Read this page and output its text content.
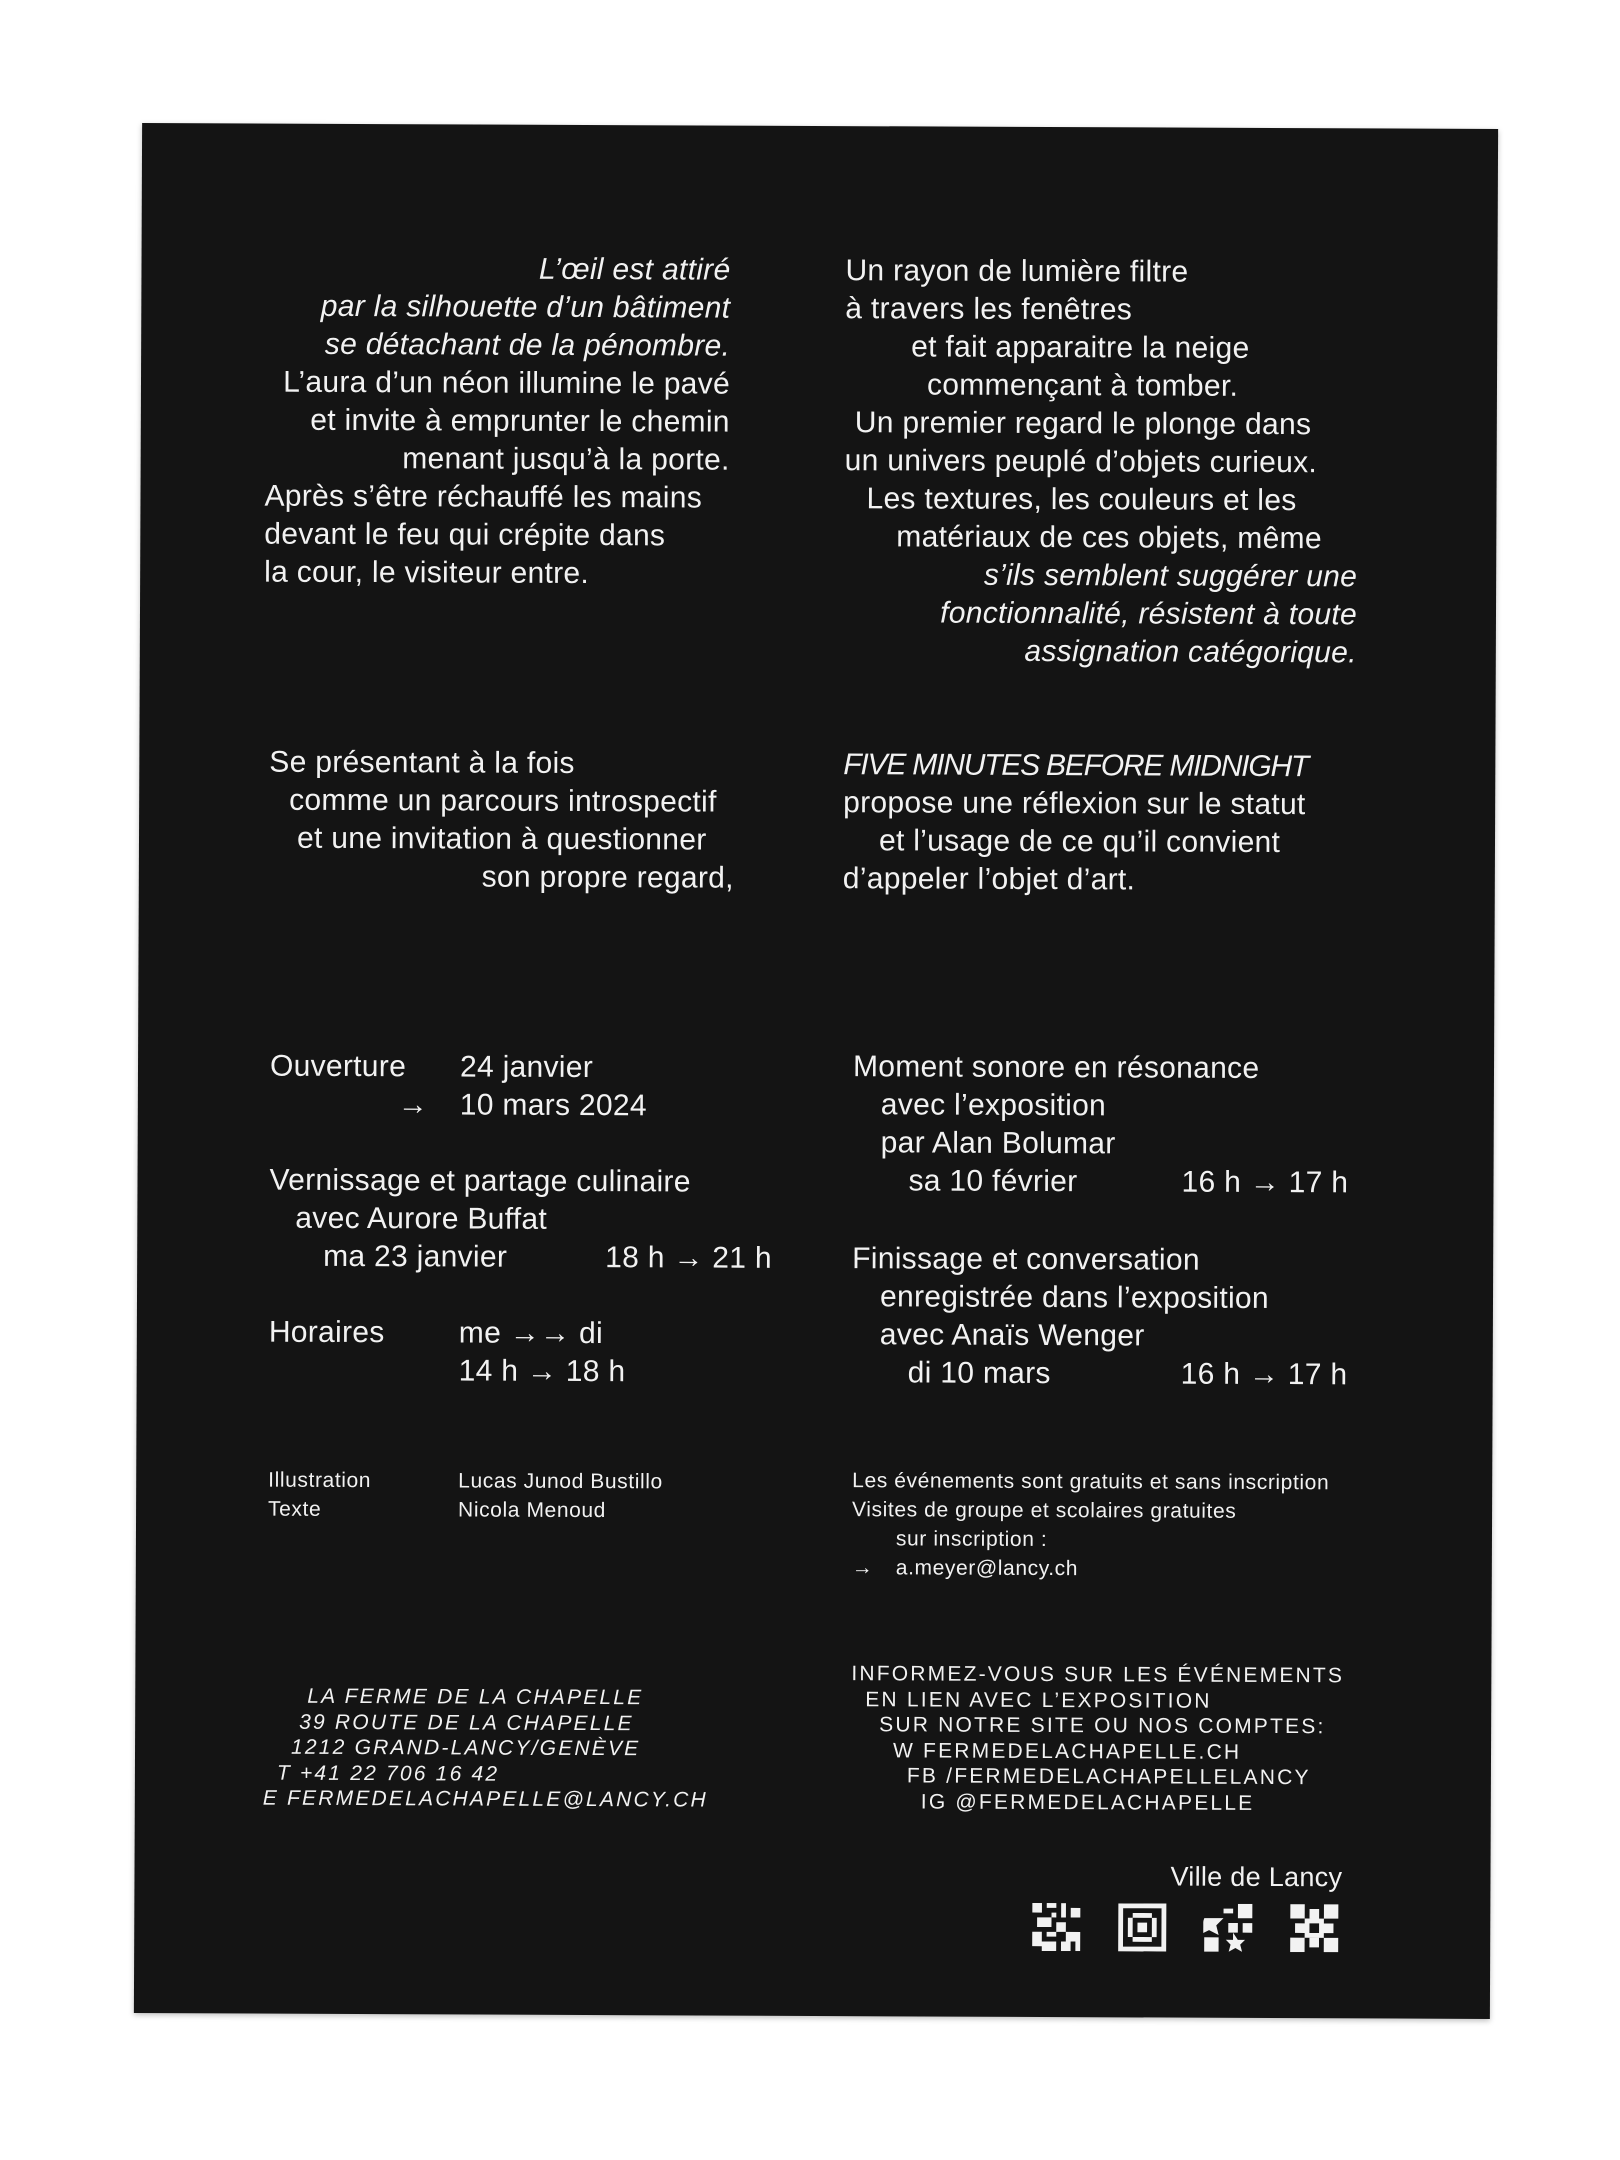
L’œil est attiré
par la silhouette d’un bâtiment
se détachant de la pénombre.
L’aura d’un néon illumine le pavé
et invite à emprunter le chemin
menant jusqu’à la porte.
Après s’être réchauffé les mains
devant le feu qui crépite dans
la cour, le visiteur entre.
Un rayon de lumière filtre
à travers les fenêtres
et fait apparaitre la neige
commençant à tomber.
Un premier regard le plonge dans
un univers peuplé d’objets curieux.
Les textures, les couleurs et les
matériaux de ces objets, même
s’ils semblent suggérer une
fonctionnalité, résistent à toute
assignation catégorique.
Se présentant à la fois
comme un parcours introspectif
et une invitation à questionner
son propre regard,
FIVE MINUTES BEFORE MIDNIGHT
propose une réflexion sur le statut
et l’usage de ce qu’il convient
d’appeler l’objet d’art.
Ouverture 24 janvier
→ 10 mars 2024
Vernissage et partage culinaire
avec Aurore Buffat
ma 23 janvier	18 h → 21 h
Horaires me →→ di
14 h → 18 h
Moment sonore en résonance
avec l’exposition
par Alan Bolumar
sa 10 février	16 h → 17 h
Finissage et conversation
enregistrée dans l’exposition
avec Anaïs Wenger
di 10 mars	16 h → 17 h
Illustration	Lucas Junod Bustillo
Texte	Nicola Menoud
Les événements sont gratuits et sans inscription
Visites de groupe et scolaires gratuites
sur inscription :
→ a.meyer@lancy.ch
LA FERME DE LA CHAPELLE
39 ROUTE DE LA CHAPELLE
1212 GRAND-LANCY/GENÈVE
T +41 22 706 16 42
E FERMEDELACHAPELLE@LANCY.CH
INFORMEZ-VOUS SUR LES ÉVÉNEMENTS
EN LIEN AVEC L’EXPOSITION
SUR NOTRE SITE OU NOS COMPTES:
W FERMEDELACHAPELLE.CH
FB /FERMEDELACHAPELLELANCY
IG @FERMEDELACHAPELLE
Ville de Lancy
